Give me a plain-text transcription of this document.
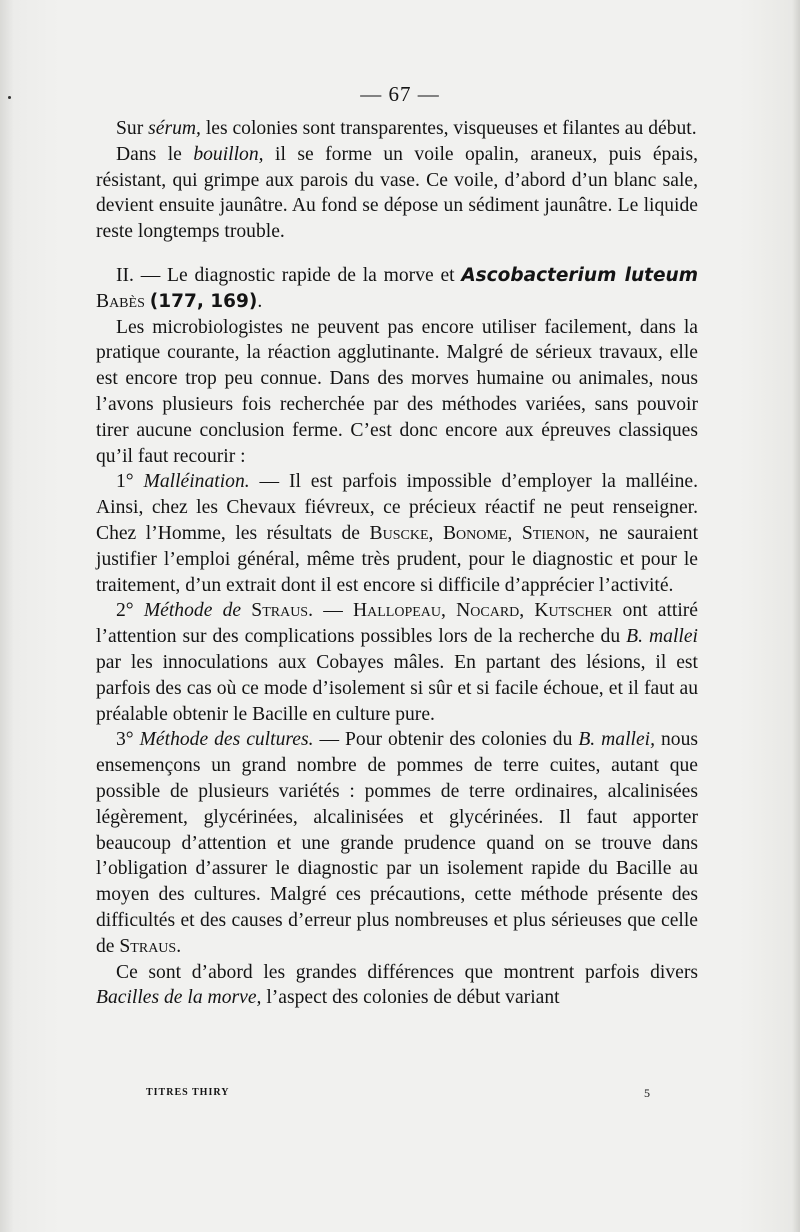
— 67 —

Sur sérum, les colonies sont transparentes, visqueuses et filantes au début.

Dans le bouillon, il se forme un voile opalin, araneux, puis épais, résistant, qui grimpe aux parois du vase. Ce voile, d’abord d’un blanc sale, devient ensuite jaunâtre. Au fond se dépose un sédiment jaunâtre. Le liquide reste longtemps trouble.

II. — Le diagnostic rapide de la morve et Ascobacterium luteum Babès (177, 169).

Les microbiologistes ne peuvent pas encore utiliser facilement, dans la pratique courante, la réaction agglutinante. Malgré de sérieux travaux, elle est encore trop peu connue. Dans des morves humaine ou animales, nous l’avons plusieurs fois recherchée par des méthodes variées, sans pouvoir tirer aucune conclusion ferme. C’est donc encore aux épreuves classiques qu’il faut recourir :

1° Malléination. — Il est parfois impossible d’employer la malléine. Ainsi, chez les Chevaux fiévreux, ce précieux réactif ne peut renseigner. Chez l’Homme, les résultats de Buscke, Bonome, Stienon, ne sauraient justifier l’emploi général, même très prudent, pour le diagnostic et pour le traitement, d’un extrait dont il est encore si difficile d’apprécier l’activité.

2° Méthode de Straus. — Hallopeau, Nocard, Kutscher ont attiré l’attention sur des complications possibles lors de la recherche du B. mallei par les innoculations aux Cobayes mâles. En partant des lésions, il est parfois des cas où ce mode d’isolement si sûr et si facile échoue, et il faut au préalable obtenir le Bacille en culture pure.

3° Méthode des cultures. — Pour obtenir des colonies du B. mallei, nous ensemençons un grand nombre de pommes de terre cuites, autant que possible de plusieurs variétés : pommes de terre ordinaires, alcalinisées légèrement, glycérinées, alcalinisées et glycérinées. Il faut apporter beaucoup d’attention et une grande prudence quand on se trouve dans l’obligation d’assurer le diagnostic par un isolement rapide du Bacille au moyen des cultures. Malgré ces précautions, cette méthode présente des difficultés et des causes d’erreur plus nombreuses et plus sérieuses que celle de Straus.

Ce sont d’abord les grandes différences que montrent parfois divers Bacilles de la morve, l’aspect des colonies de début variant

TITRES THIRY	5
